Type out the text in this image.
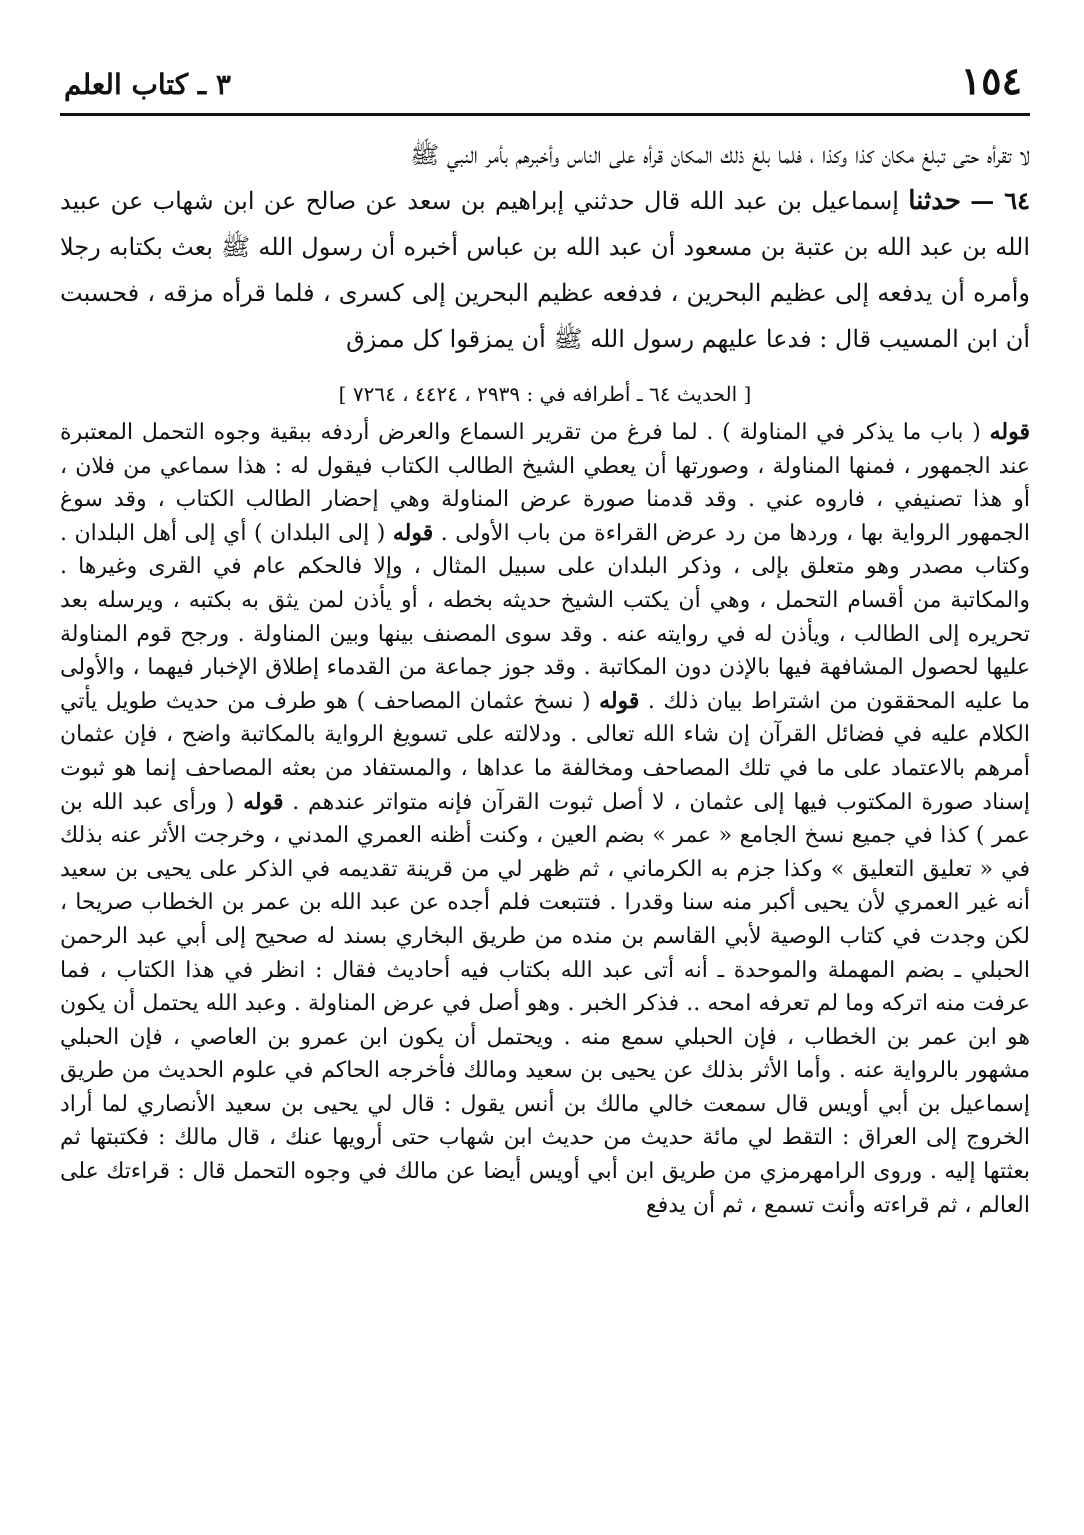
١٥٤
٣ ـ كتاب العلم

لا تقرأه حتى تبلغ مكان كذا وكذا ، فلما بلغ ذلك المكان قرأه على الناس وأخبرهم بأمر النبي ﷺ

٦٤ — حدثنا إسماعيل بن عبد الله قال حدثني إبراهيم بن سعد عن صالح عن ابن شهاب عن عبيد الله بن عبد الله بن عتبة بن مسعود أن عبد الله بن عباس أخبره أن رسول الله ﷺ بعث بكتابه رجلا وأمره أن يدفعه إلى عظيم البحرين ، فدفعه عظيم البحرين إلى كسرى ، فلما قرأه مزقه ، فحسبت أن ابن المسيب قال : فدعا عليهم رسول الله ﷺ أن يمزقوا كل ممزق

[ الحديث ٦٤ ـ أطرافه في : ٢٩٣٩ ، ٤٤٢٤ ، ٧٢٦٤ ]

قوله ( باب ما يذكر في المناولة ) . لما فرغ من تقرير السماع والعرض أردفه ببقية وجوه التحمل المعتبرة عند الجمهور ، فمنها المناولة ، وصورتها أن يعطي الشيخ الطالب الكتاب فيقول له : هذا سماعي من فلان ، أو هذا تصنيفي ، فاروه عني . وقد قدمنا صورة عرض المناولة وهي إحضار الطالب الكتاب ، وقد سوغ الجمهور الرواية بها ، وردها من رد عرض القراءة من باب الأولى . قوله ( إلى البلدان ) أي إلى أهل البلدان . وكتاب مصدر وهو متعلق بإلى ، وذكر البلدان على سبيل المثال ، وإلا فالحكم عام في القرى وغيرها . والمكاتبة من أقسام التحمل ، وهي أن يكتب الشيخ حديثه بخطه ، أو يأذن لمن يثق به بكتبه ، ويرسله بعد تحريره إلى الطالب ، ويأذن له في روايته عنه . وقد سوى المصنف بينها وبين المناولة . ورجح قوم المناولة عليها لحصول المشافهة فيها بالإذن دون المكاتبة . وقد جوز جماعة من القدماء إطلاق الإخبار فيهما ، والأولى ما عليه المحققون من اشتراط بيان ذلك . قوله ( نسخ عثمان المصاحف ) هو طرف من حديث طويل يأتي الكلام عليه في فضائل القرآن إن شاء الله تعالى . ودلالته على تسويغ الرواية بالمكاتبة واضح ، فإن عثمان أمرهم بالاعتماد على ما في تلك المصاحف ومخالفة ما عداها ، والمستفاد من بعثه المصاحف إنما هو ثبوت إسناد صورة المكتوب فيها إلى عثمان ، لا أصل ثبوت القرآن فإنه متواتر عندهم . قوله ( ورأى عبد الله بن عمر ) كذا في جميع نسخ الجامع « عمر » بضم العين ، وكنت أظنه العمري المدني ، وخرجت الأثر عنه بذلك في « تعليق التعليق » وكذا جزم به الكرماني ، ثم ظهر لي من قرينة تقديمه في الذكر على يحيى بن سعيد أنه غير العمري لأن يحيى أكبر منه سنا وقدرا . فتتبعت فلم أجده عن عبد الله بن عمر بن الخطاب صريحا ، لكن وجدت في كتاب الوصية لأبي القاسم بن منده من طريق البخاري بسند له صحيح إلى أبي عبد الرحمن الحبلي ـ بضم المهملة والموحدة ـ أنه أتى عبد الله بكتاب فيه أحاديث فقال : انظر في هذا الكتاب ، فما عرفت منه اتركه وما لم تعرفه امحه .. فذكر الخبر . وهو أصل في عرض المناولة . وعبد الله يحتمل أن يكون هو ابن عمر بن الخطاب ، فإن الحبلي سمع منه . ويحتمل أن يكون ابن عمرو بن العاصي ، فإن الحبلي مشهور بالرواية عنه . وأما الأثر بذلك عن يحيى بن سعيد ومالك فأخرجه الحاكم في علوم الحديث من طريق إسماعيل بن أبي أويس قال سمعت خالي مالك بن أنس يقول : قال لي يحيى بن سعيد الأنصاري لما أراد الخروج إلى العراق : التقط لي مائة حديث من حديث ابن شهاب حتى أرويها عنك ، قال مالك : فكتبتها ثم بعثتها إليه . وروى الرامهرمزي من طريق ابن أبي أويس أيضا عن مالك في وجوه التحمل قال : قراءتك على العالم ، ثم قراءته وأنت تسمع ، ثم أن يدفع
